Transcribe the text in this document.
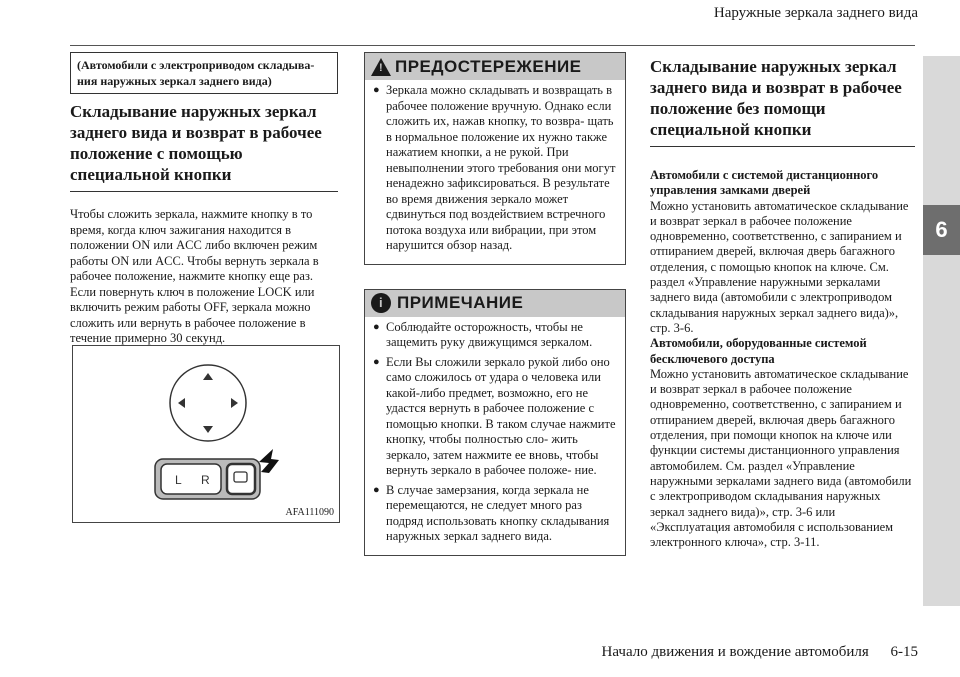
Наружные зеркала заднего вида
6
(Автомобили с электроприводом складыва- ния наружных зеркал заднего вида)
Складывание наружных зеркал заднего вида и возврат в рабочее положение с помощью специальной кнопки
Чтобы сложить зеркала, нажмите кнопку в то время, когда ключ зажигания находится в положении ON или ACC либо включен режим работы ON или ACC. Чтобы вернуть зеркала в рабочее положение, нажмите кнопку еще раз. Если повернуть ключ в положение LOCK или включить режим работы OFF, зеркала можно сложить или вернуть в рабочее положение в течение примерно 30 секунд.
L R
AFA111090
!
ПРЕДОСТЕРЕЖЕНИЕ
● Зеркала можно складывать и возвращать в рабочее положение вручную. Однако если сложить их, нажав кнопку, то возвра- щать в нормальное положение их нужно также нажатием кнопки, а не рукой. При невыполнении этого требования они могут ненадежно зафиксироваться. В результате во время движения зеркало может сдвинуться под воздействием встречного потока воздуха или вибрации, при этом нарушится обзор назад.
i ПРИМЕЧАНИЕ
● Соблюдайте осторожность, чтобы не защемить руку движущимся зеркалом.
● Если Вы сложили зеркало рукой либо оно само сложилось от удара о человека или какой-либо предмет, возможно, его не удастся вернуть в рабочее положение с помощью кнопки. В таком случае нажмите кнопку, чтобы полностью сло- жить зеркало, затем нажмите ее вновь, чтобы вернуть зеркало в рабочее положе- ние.
● В случае замерзания, когда зеркала не перемещаются, не следует много раз подряд использовать кнопку складывания наружных зеркал заднего вида.
Складывание наружных зеркал заднего вида и возврат в рабочее положение без помощи специальной кнопки
Автомобили с системой дистанционного управления замками дверей
Можно установить автоматическое складывание и возврат зеркал в рабочее положение одновременно, соответственно, с запиранием и отпиранием дверей, включая дверь багажного отделения, с помощью кнопок на ключе. См. раздел «Управление наружными зеркалами заднего вида (автомобили с электроприводом складывания наружных зеркал заднего вида)», стр. 3-6.
Автомобили, оборудованные системой бесключевого доступа
Можно установить автоматическое складывание и возврат зеркал в рабочее положение одновременно, соответственно, с запиранием и отпиранием дверей, включая дверь багажного отделения, при помощи кнопок на ключе или функции системы дистанционного управления автомобилем. См. раздел «Управление наружными зеркалами заднего вида (автомобили с электроприводом складывания наружных зеркал заднего вида)», стр. 3-6 или «Эксплуатация автомобиля с использованием электронного ключа», стр. 3-11.
Начало движения и вождение автомобиля 6-15
